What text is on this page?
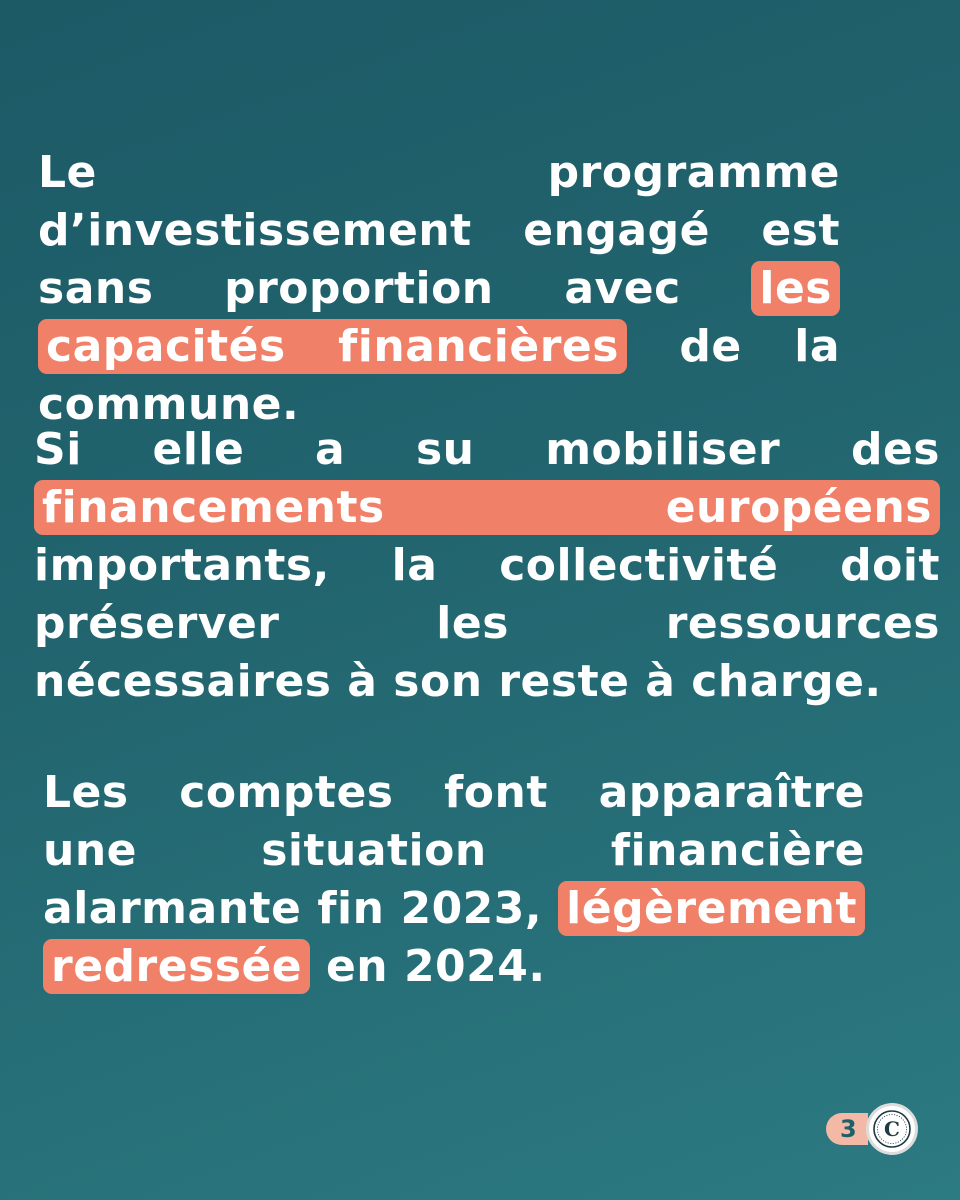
Le programme d’investissement engagé est sans proportion avec les capacités financières de la commune.

Si elle a su mobiliser des financements européens importants, la collectivité doit préserver les ressources nécessaires à son reste à charge.

Les comptes font apparaître une situation financière alarmante fin 2023, légèrement redressée en 2024.

3	C
